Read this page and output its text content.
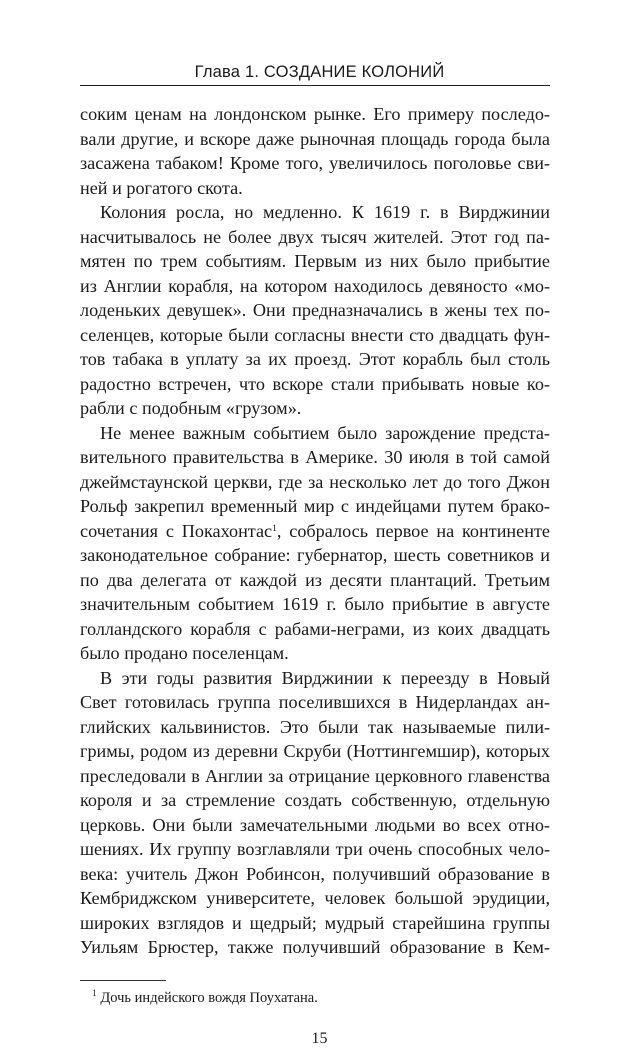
Глава 1. СОЗДАНИЕ КОЛОНИЙ
соким ценам на лондонском рынке. Его примеру последо-
вали другие, и вскоре даже рыночная площадь города была
засажена табаком! Кроме того, увеличилось поголовье сви-
ней и рогатого скота.
Колония росла, но медленно. К 1619 г. в Вирджинии
насчитывалось не более двух тысяч жителей. Этот год па-
мятен по трем событиям. Первым из них было прибытие
из Англии корабля, на котором находилось девяносто «мо-
лоденьких девушек». Они предназначались в жены тех по-
селенцев, которые были согласны внести сто двадцать фун-
тов табака в уплату за их проезд. Этот корабль был столь
радостно встречен, что вскоре стали прибывать новые ко-
рабли с подобным «грузом».
Не менее важным событием было зарождение предста-
вительного правительства в Америке. 30 июля в той самой
джеймстаунской церкви, где за несколько лет до того Джон
Рольф закрепил временный мир с индейцами путем брако-
сочетания с Покахонтас$^1$, собралось первое на континенте
законодательное собрание: губернатор, шесть советников и
по два делегата от каждой из десяти плантаций. Третьим
значительным событием 1619 г. было прибытие в августе
голландского корабля с рабами-неграми, из коих двадцать
было продано поселенцам.
В эти годы развития Вирджинии к переезду в Новый
Свет готовилась группа поселившихся в Нидерландах ан-
глийских кальвинистов. Это были так называемые пили-
гримы, родом из деревни Скруби (Ноттингемшир), которых
преследовали в Англии за отрицание церковного главенства
короля и за стремление создать собственную, отдельную
церковь. Они были замечательными людьми во всех отно-
шениях. Их группу возглавляли три очень способных чело-
века: учитель Джон Робинсон, получивший образование в
Кембриджском университете, человек большой эрудиции,
широких взглядов и щедрый; мудрый старейшина группы
Уильям Брюстер, также получивший образование в Кем-
$^1$ Дочь индейского вождя Поухатана.
15
